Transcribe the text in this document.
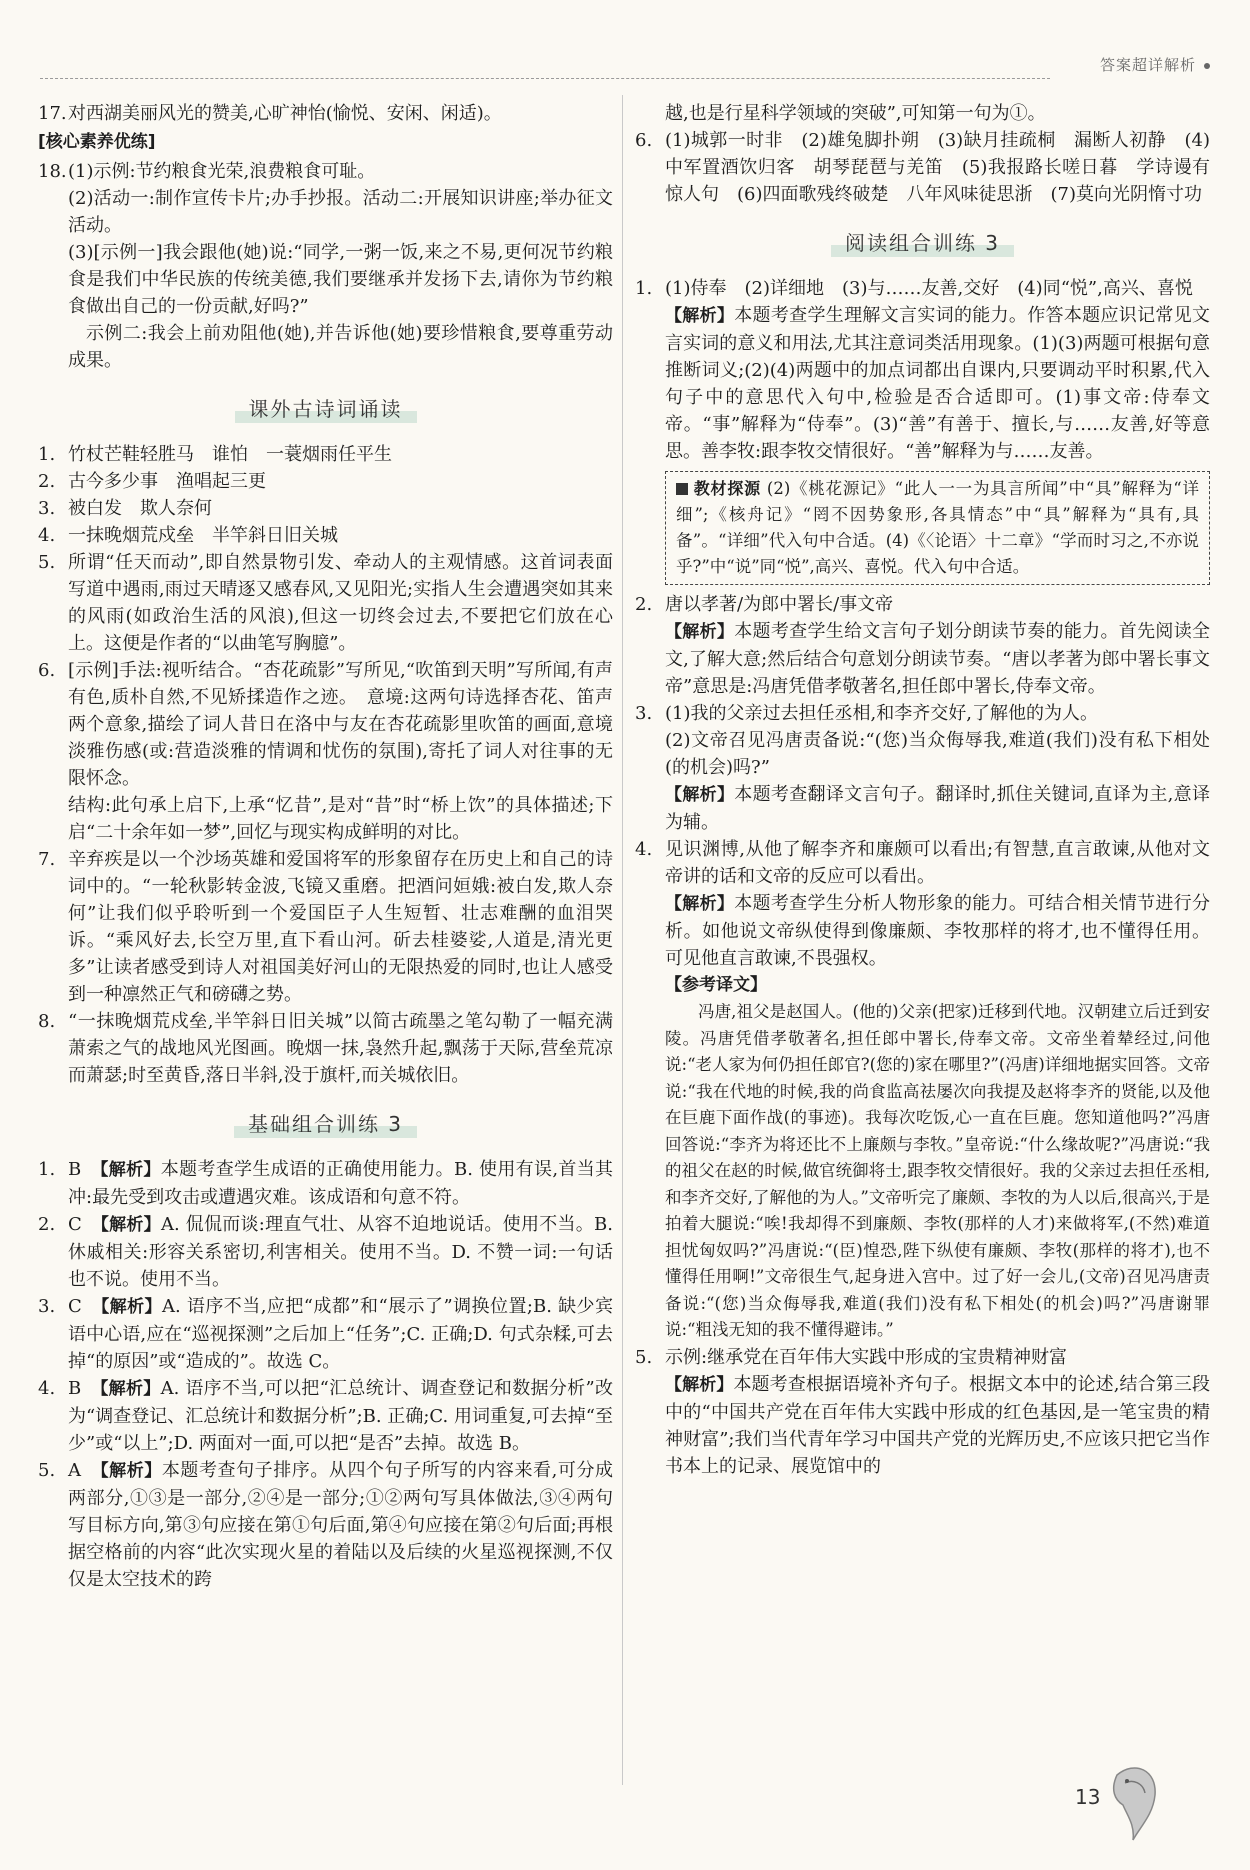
答案超详解析
17. 对西湖美丽风光的赞美,心旷神怡(愉悦、安闲、闲适)。
[核心素养优练]
18. (1)示例:节约粮食光荣,浪费粮食可耻。
(2)活动一:制作宣传卡片;办手抄报。活动二:开展知识讲座;举办征文活动。
(3)[示例一]我会跟他(她)说:“同学,一粥一饭,来之不易,更何况节约粮食是我们中华民族的传统美德,我们要继承并发扬下去,请你为节约粮食做出自己的一份贡献,好吗?”
示例二:我会上前劝阻他(她),并告诉他(她)要珍惜粮食,要尊重劳动成果。
课外古诗词诵读
1. 竹杖芒鞋轻胜马　谁怕　一蓑烟雨任平生
2. 古今多少事　渔唱起三更
3. 被白发　欺人奈何
4. 一抹晚烟荒戍垒　半竿斜日旧关城
5. 所谓“任天而动”,即自然景物引发、牵动人的主观情感。这首词表面写道中遇雨,雨过天晴逐又感春风,又见阳光;实指人生会遭遇突如其来的风雨(如政治生活的风浪),但这一切终会过去,不要把它们放在心上。这便是作者的“以曲笔写胸臆”。
6. [示例]手法:视听结合。“杏花疏影”写所见,“吹笛到天明”写所闻,有声有色,质朴自然,不见矫揉造作之迹。　意境:这两句诗选择杏花、笛声两个意象,描绘了词人昔日在洛中与友在杏花疏影里吹笛的画面,意境淡雅伤感(或:营造淡雅的情调和忧伤的氛围),寄托了词人对往事的无限怀念。
结构:此句承上启下,上承“忆昔”,是对“昔”时“桥上饮”的具体描述;下启“二十余年如一梦”,回忆与现实构成鲜明的对比。
7. 辛弃疾是以一个沙场英雄和爱国将军的形象留存在历史上和自己的诗词中的。“一轮秋影转金波,飞镜又重磨。把酒问姮娥:被白发,欺人奈何”让我们似乎聆听到一个爱国臣子人生短暂、壮志难酬的血泪哭诉。“乘风好去,长空万里,直下看山河。斫去桂婆娑,人道是,清光更多”让读者感受到诗人对祖国美好河山的无限热爱的同时,也让人感受到一种凛然正气和磅礴之势。
8. “一抹晚烟荒戍垒,半竿斜日旧关城”以简古疏墨之笔勾勒了一幅充满萧索之气的战地风光图画。晚烟一抹,袅然升起,飘荡于天际,营垒荒凉而萧瑟;时至黄昏,落日半斜,没于旗杆,而关城依旧。
基础组合训练 3
1. B　 【解析】本题考查学生成语的正确使用能力。B. 使用有误,首当其冲:最先受到攻击或遭遇灾难。该成语和句意不符。
2. C　 【解析】A. 侃侃而谈:理直气壮、从容不迫地说话。使用不当。B. 休戚相关:形容关系密切,利害相关。使用不当。D. 不赞一词:一句话也不说。使用不当。
3. C　 【解析】A. 语序不当,应把“成都”和“展示了”调换位置;B. 缺少宾语中心语,应在“巡视探测”之后加上“任务”;C. 正确;D. 句式杂糅,可去掉“的原因”或“造成的”。故选 C。
4. B　 【解析】A. 语序不当,可以把“汇总统计、调查登记和数据分析”改为“调查登记、汇总统计和数据分析”;B. 正确;C. 用词重复,可去掉“至少”或“以上”;D. 两面对一面,可以把“是否”去掉。故选 B。
5. A　 【解析】本题考查句子排序。从四个句子所写的内容来看,可分成两部分,①③是一部分,②④是一部分;①②两句写具体做法,③④两句写目标方向,第③句应接在第①句后面,第④句应接在第②句后面;再根据空格前的内容“此次实现火星的着陆以及后续的火星巡视探测,不仅仅是太空技术的跨

越,也是行星科学领域的突破”,可知第一句为①。

6. (1)城郭一时非　(2)雄兔脚扑朔　(3)缺月挂疏桐　漏断人初静　(4)中军置酒饮归客　胡琴琵琶与羌笛　(5)我报路长嗟日暮　学诗谩有惊人句　(6)四面歌残终破楚　八年风味徒思浙　(7)莫向光阴惰寸功
阅读组合训练 3
1. (1)侍奉　(2)详细地　(3)与……友善,交好　(4)同“悦”,高兴、喜悦
【解析】本题考查学生理解文言实词的能力。作答本题应识记常见文言实词的意义和用法,尤其注意词类活用现象。(1)(3)两题可根据句意推断词义;(2)(4)两题中的加点词都出自课内,只要调动平时积累,代入句子中的意思代入句中,检验是否合适即可。(1)事文帝:侍奉文帝。“事”解释为“侍奉”。(3)“善”有善于、擅长,与……友善,好等意思。善李牧:跟李牧交情很好。“善”解释为与……友善。
教材探源 (2)《桃花源记》“此人一一为具言所闻”中“具”解释为“详细”;《核舟记》“罔不因势象形,各具情态”中“具”解释为“具有,具备”。“详细”代入句中合适。(4)《〈论语〉十二章》“学而时习之,不亦说乎?”中“说”同“悦”,高兴、喜悦。代入句中合适。
2. 唐以孝著/为郎中署长/事文帝
【解析】本题考查学生给文言句子划分朗读节奏的能力。首先阅读全文,了解大意;然后结合句意划分朗读节奏。“唐以孝著为郎中署长事文帝”意思是:冯唐凭借孝敬著名,担任郎中署长,侍奉文帝。
3. (1)我的父亲过去担任丞相,和李齐交好,了解他的为人。
(2)文帝召见冯唐责备说:“(您)当众侮辱我,难道(我们)没有私下相处(的机会)吗?”
【解析】本题考查翻译文言句子。翻译时,抓住关键词,直译为主,意译为辅。
4. 见识渊博,从他了解李齐和廉颇可以看出;有智慧,直言敢谏,从他对文帝讲的话和文帝的反应可以看出。
【解析】本题考查学生分析人物形象的能力。可结合相关情节进行分析。如他说文帝纵使得到像廉颇、李牧那样的将才,也不懂得任用。可见他直言敢谏,不畏强权。
【参考译文】

冯唐,祖父是赵国人。(他的)父亲(把家)迁移到代地。汉朝建立后迁到安陵。冯唐凭借孝敬著名,担任郎中署长,侍奉文帝。文帝坐着辇经过,问他说:“老人家为何仍担任郎官?(您的)家在哪里?”(冯唐)详细地据实回答。文帝说:“我在代地的时候,我的尚食监高祛屡次向我提及赵将李齐的贤能,以及他在巨鹿下面作战(的事迹)。我每次吃饭,心一直在巨鹿。您知道他吗?”冯唐回答说:“李齐为将还比不上廉颇与李牧。”皇帝说:“什么缘故呢?”冯唐说:“我的祖父在赵的时候,做官统御将士,跟李牧交情很好。我的父亲过去担任丞相,和李齐交好,了解他的为人。”文帝听完了廉颇、李牧的为人以后,很高兴,于是拍着大腿说:“唉!我却得不到廉颇、李牧(那样的人才)来做将军,(不然)难道担忧匈奴吗?”冯唐说:“(臣)惶恐,陛下纵使有廉颇、李牧(那样的将才),也不懂得任用啊!”文帝很生气,起身进入宫中。过了好一会儿,(文帝)召见冯唐责备说:“(您)当众侮辱我,难道(我们)没有私下相处(的机会)吗?”冯唐谢罪说:“粗浅无知的我不懂得避讳。”

5. 示例:继承党在百年伟大实践中形成的宝贵精神财富
【解析】本题考查根据语境补齐句子。根据文本中的论述,结合第三段中的“中国共产党在百年伟大实践中形成的红色基因,是一笔宝贵的精神财富”;我们当代青年学习中国共产党的光辉历史,不应该只把它当作书本上的记录、展览馆中的
13
